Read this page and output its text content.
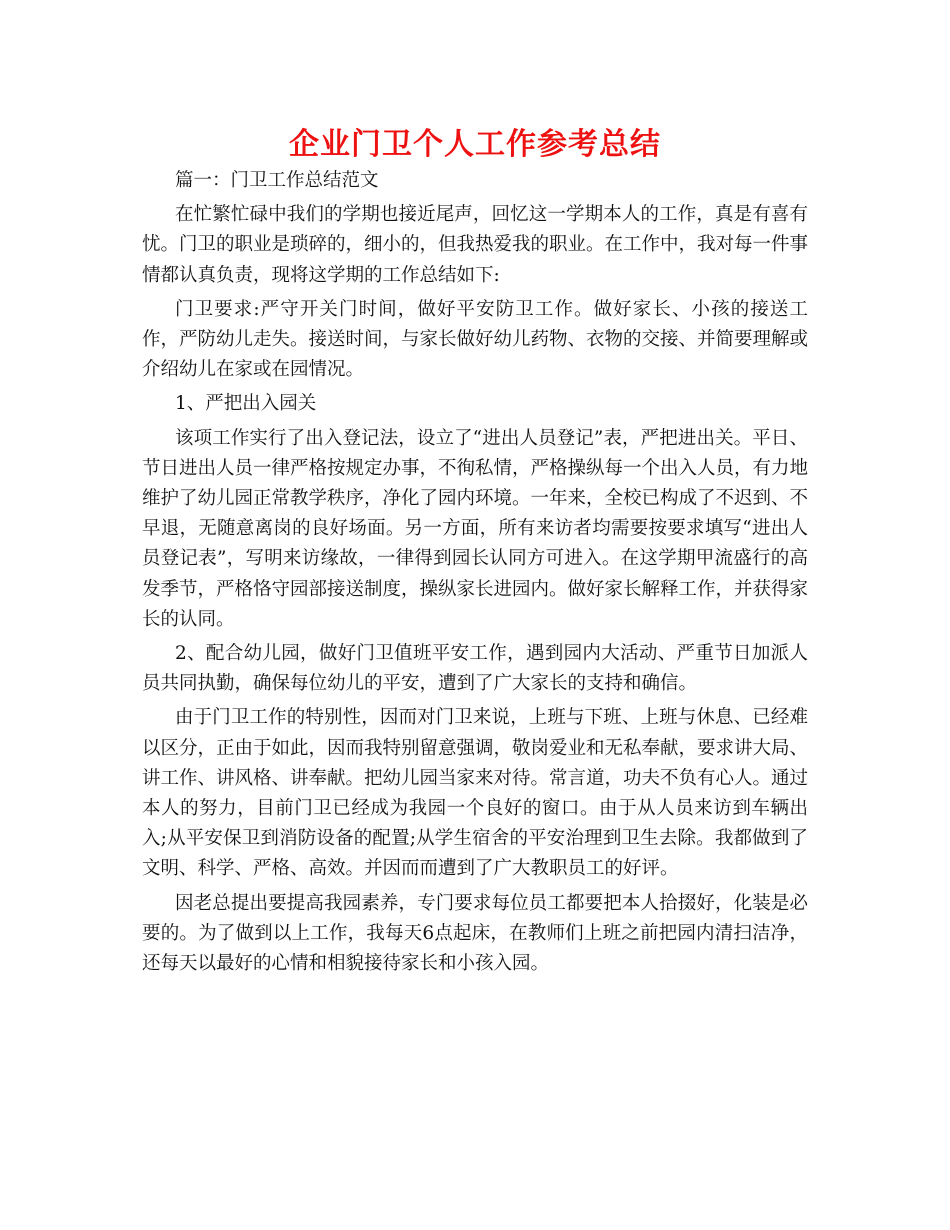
企业门卫个人工作参考总结

篇一：门卫工作总结范文

在忙繁忙碌中我们的学期也接近尾声，回忆这一学期本人的工作，真是有喜有忧。门卫的职业是琐碎的，细小的，但我热爱我的职业。在工作中，我对每一件事情都认真负责，现将这学期的工作总结如下:

门卫要求:严守开关门时间，做好平安防卫工作。做好家长、小孩的接送工作，严防幼儿走失。接送时间，与家长做好幼儿药物、衣物的交接、并简要理解或介绍幼儿在家或在园情况。

1、严把出入园关

该项工作实行了出入登记法，设立了“进出人员登记”表，严把进出关。平日、节日进出人员一律严格按规定办事，不徇私情，严格操纵每一个出入人员，有力地维护了幼儿园正常教学秩序，净化了园内环境。一年来，全校已构成了不迟到、不早退，无随意离岗的良好场面。另一方面，所有来访者均需要按要求填写“进出人员登记表”，写明来访缘故，一律得到园长认同方可进入。在这学期甲流盛行的高发季节，严格恪守园部接送制度，操纵家长进园内。做好家长解释工作，并获得家长的认同。

2、配合幼儿园，做好门卫值班平安工作，遇到园内大活动、严重节日加派人员共同执勤，确保每位幼儿的平安，遭到了广大家长的支持和确信。

由于门卫工作的特别性，因而对门卫来说，上班与下班、上班与休息、已经难以区分，正由于如此，因而我特别留意强调，敬岗爱业和无私奉献，要求讲大局、讲工作、讲风格、讲奉献。把幼儿园当家来对待。常言道，功夫不负有心人。通过本人的努力，目前门卫已经成为我园一个良好的窗口。由于从人员来访到车辆出入;从平安保卫到消防设备的配置;从学生宿舍的平安治理到卫生去除。我都做到了文明、科学、严格、高效。并因而而遭到了广大教职员工的好评。

因老总提出要提高我园素养，专门要求每位员工都要把本人拾掇好，化装是必要的。为了做到以上工作，我每天6点起床，在教师们上班之前把园内清扫洁净，还每天以最好的心情和相貌接待家长和小孩入园。
